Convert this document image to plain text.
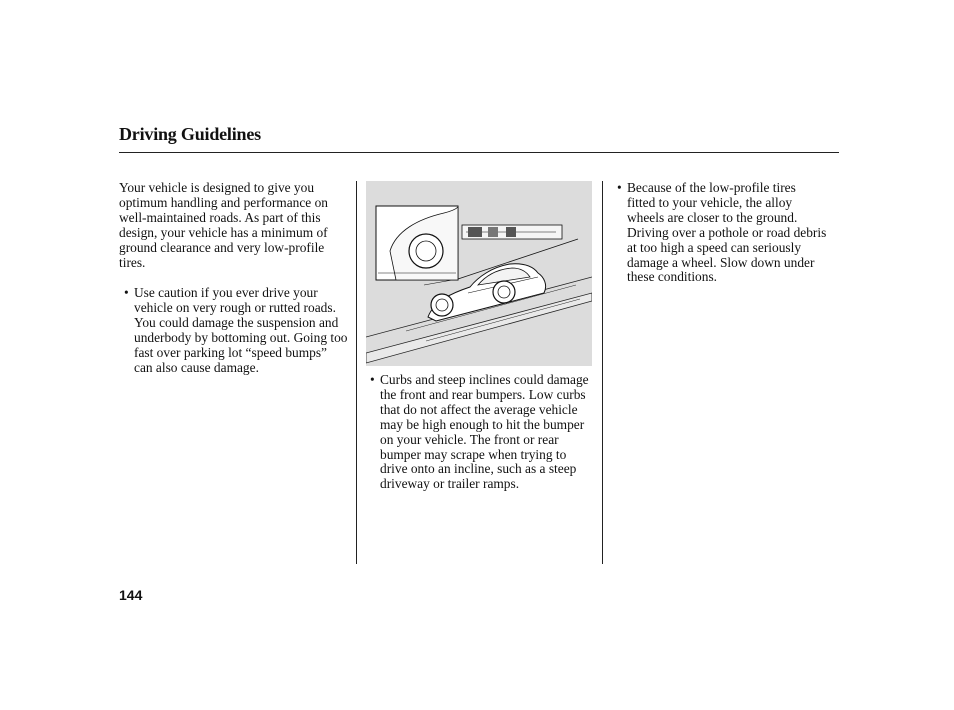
Driving Guidelines
Your vehicle is designed to give you optimum handling and performance on well-maintained roads. As part of this design, your vehicle has a minimum of ground clearance and very low-profile tires.
• Use caution if you ever drive your vehicle on very rough or rutted roads. You could damage the suspension and underbody by bottoming out. Going too fast over parking lot “speed bumps” can also cause damage.
• Curbs and steep inclines could damage the front and rear bumpers. Low curbs that do not affect the average vehicle may be high enough to hit the bumper on your vehicle. The front or rear bumper may scrape when trying to drive onto an incline, such as a steep driveway or trailer ramps.
• Because of the low-profile tires fitted to your vehicle, the alloy wheels are closer to the ground. Driving over a pothole or road debris at too high a speed can seriously damage a wheel. Slow down under these conditions.
144
